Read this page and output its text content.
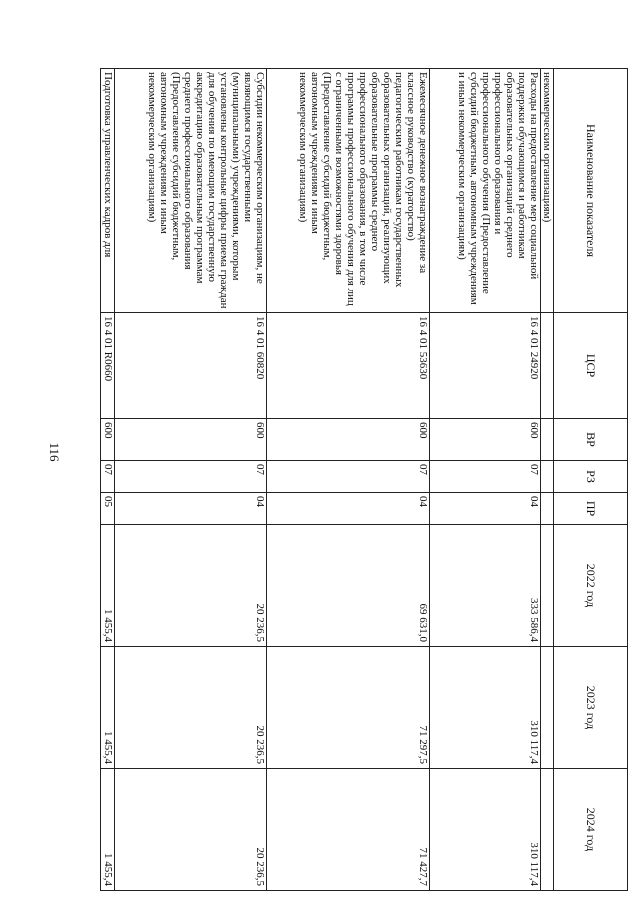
116
Наименование показателя	ЦСР	ВР	РЗ	ПР	2022 год	2023 год	2024 год
некоммерческим организациям)							
Расходы на предоставление мер социальной поддержки обучающимся и работникам образовательных организаций среднего профессионального образования и профессионального обучения (Предоставление субсидий бюджетным, автономным учреждениям и иным некоммерческим организациям)	16 4 01 24920	600	07	04	333 586,4	310 117,4	310 117,4
Ежемесячное денежное вознаграждение за классное руководство (кураторство) педагогическим работникам государственных образовательных организаций, реализующих образовательные программы среднего профессионального образования, в том числе программы профессионального обучения для лиц с ограниченными возможностями здоровья (Предоставление субсидий бюджетным, автономным учреждениям и иным некоммерческим организациям)	16 4 01 53630	600	07	04	69 631,0	71 297,5	71 427,7
Субсидии некоммерческим организациям, не являющимся государственными (муниципальными) учреждениями, которым установлены контрольные цифры приема граждан для обучения по имеющим государственную аккредитацию образовательным программам среднего профессионального образования (Предоставление субсидий бюджетным, автономным учреждениям и иным некоммерческим организациям)	16 4 01 60820	600	07	04	20 236,5	20 236,5	20 236,5
Подготовка управленческих кадров для	16 4 01 R0660	600	07	05	1 455,4	1 455,4	1 455,4
